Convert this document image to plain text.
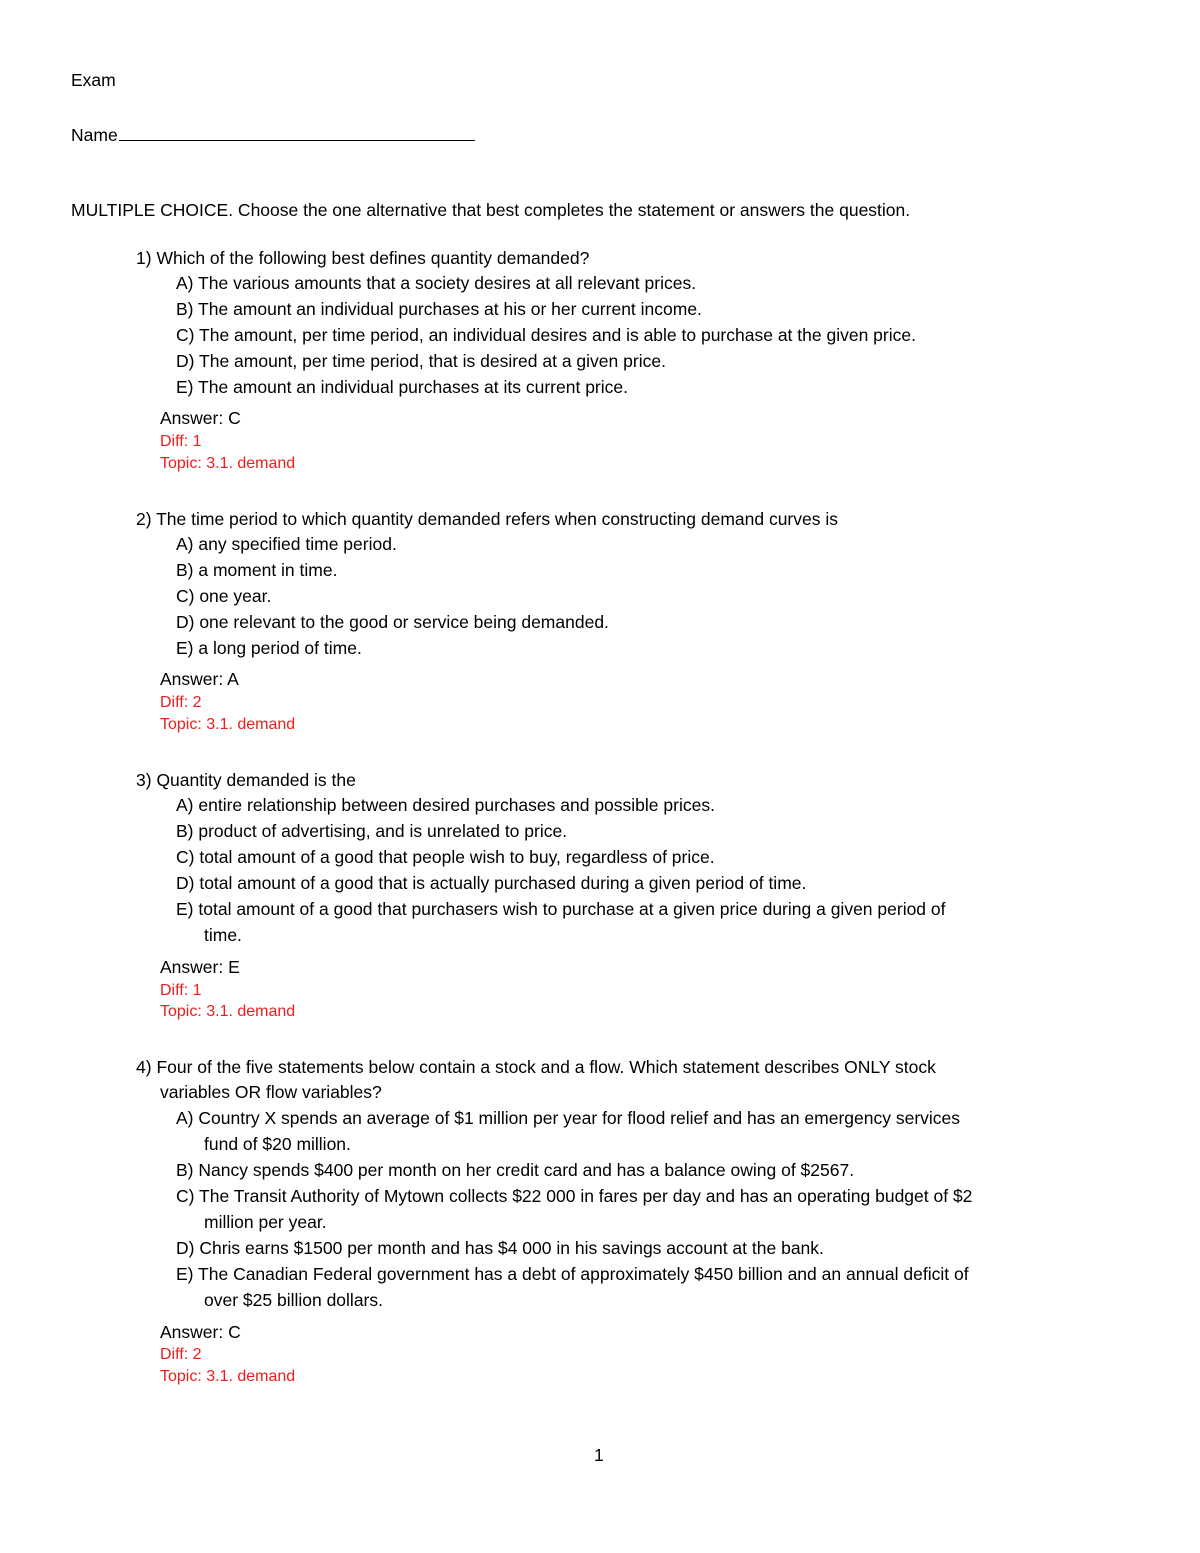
Exam
Name
MULTIPLE CHOICE. Choose the one alternative that best completes the statement or answers the question.
1) Which of the following best defines quantity demanded?
A) The various amounts that a society desires at all relevant prices.
B) The amount an individual purchases at his or her current income.
C) The amount, per time period, an individual desires and is able to purchase at the given price.
D) The amount, per time period, that is desired at a given price.
E) The amount an individual purchases at its current price.
Answer: C
Diff: 1
Topic: 3.1. demand
2) The time period to which quantity demanded refers when constructing demand curves is
A) any specified time period.
B) a moment in time.
C) one year.
D) one relevant to the good or service being demanded.
E) a long period of time.
Answer: A
Diff: 2
Topic: 3.1. demand
3) Quantity demanded is the
A) entire relationship between desired purchases and possible prices.
B) product of advertising, and is unrelated to price.
C) total amount of a good that people wish to buy, regardless of price.
D) total amount of a good that is actually purchased during a given period of time.
E) total amount of a good that purchasers wish to purchase at a given price during a given period of
time.
Answer: E
Diff: 1
Topic: 3.1. demand
4) Four of the five statements below contain a stock and a flow. Which statement describes ONLY stock
variables OR flow variables?
A) Country X spends an average of $1 million per year for flood relief and has an emergency services
fund of $20 million.
B) Nancy spends $400 per month on her credit card and has a balance owing of $2567.
C) The Transit Authority of Mytown collects $22 000 in fares per day and has an operating budget of $2
million per year.
D) Chris earns $1500 per month and has $4 000 in his savings account at the bank.
E) The Canadian Federal government has a debt of approximately $450 billion and an annual deficit of
over $25 billion dollars.
Answer: C
Diff: 2
Topic: 3.1. demand
1
